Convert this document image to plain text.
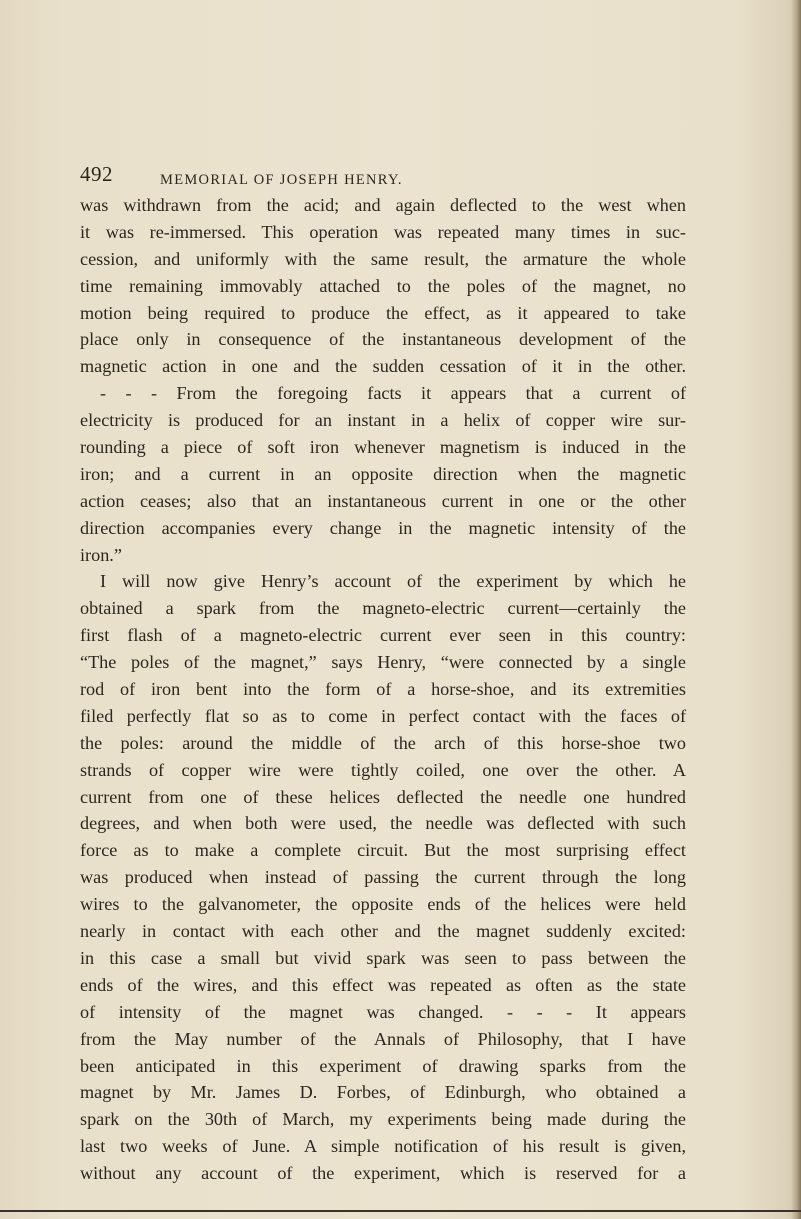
492	MEMORIAL OF JOSEPH HENRY.
was withdrawn from the acid; and again deflected to the west when
it was re-immersed. This operation was repeated many times in suc-
cession, and uniformly with the same result, the armature the whole
time remaining immovably attached to the poles of the magnet, no
motion being required to produce the effect, as it appeared to take
place only in consequence of the instantaneous development of the
magnetic action in one and the sudden cessation of it in the other.
- - - From the foregoing facts it appears that a current of
electricity is produced for an instant in a helix of copper wire sur-
rounding a piece of soft iron whenever magnetism is induced in the
iron; and a current in an opposite direction when the magnetic
action ceases; also that an instantaneous current in one or the other
direction accompanies every change in the magnetic intensity of the
iron.”
I will now give Henry’s account of the experiment by which he
obtained a spark from the magneto-electric current—certainly the
first flash of a magneto-electric current ever seen in this country:
“The poles of the magnet,” says Henry, “were connected by a single
rod of iron bent into the form of a horse-shoe, and its extremities
filed perfectly flat so as to come in perfect contact with the faces of
the poles: around the middle of the arch of this horse-shoe two
strands of copper wire were tightly coiled, one over the other. A
current from one of these helices deflected the needle one hundred
degrees, and when both were used, the needle was deflected with such
force as to make a complete circuit. But the most surprising effect
was produced when instead of passing the current through the long
wires to the galvanometer, the opposite ends of the helices were held
nearly in contact with each other and the magnet suddenly excited:
in this case a small but vivid spark was seen to pass between the
ends of the wires, and this effect was repeated as often as the state
of intensity of the magnet was changed. - - - It appears
from the May number of the Annals of Philosophy, that I have
been anticipated in this experiment of drawing sparks from the
magnet by Mr. James D. Forbes, of Edinburgh, who obtained a
spark on the 30th of March, my experiments being made during the
last two weeks of June. A simple notification of his result is given,
without any account of the experiment, which is reserved for a
